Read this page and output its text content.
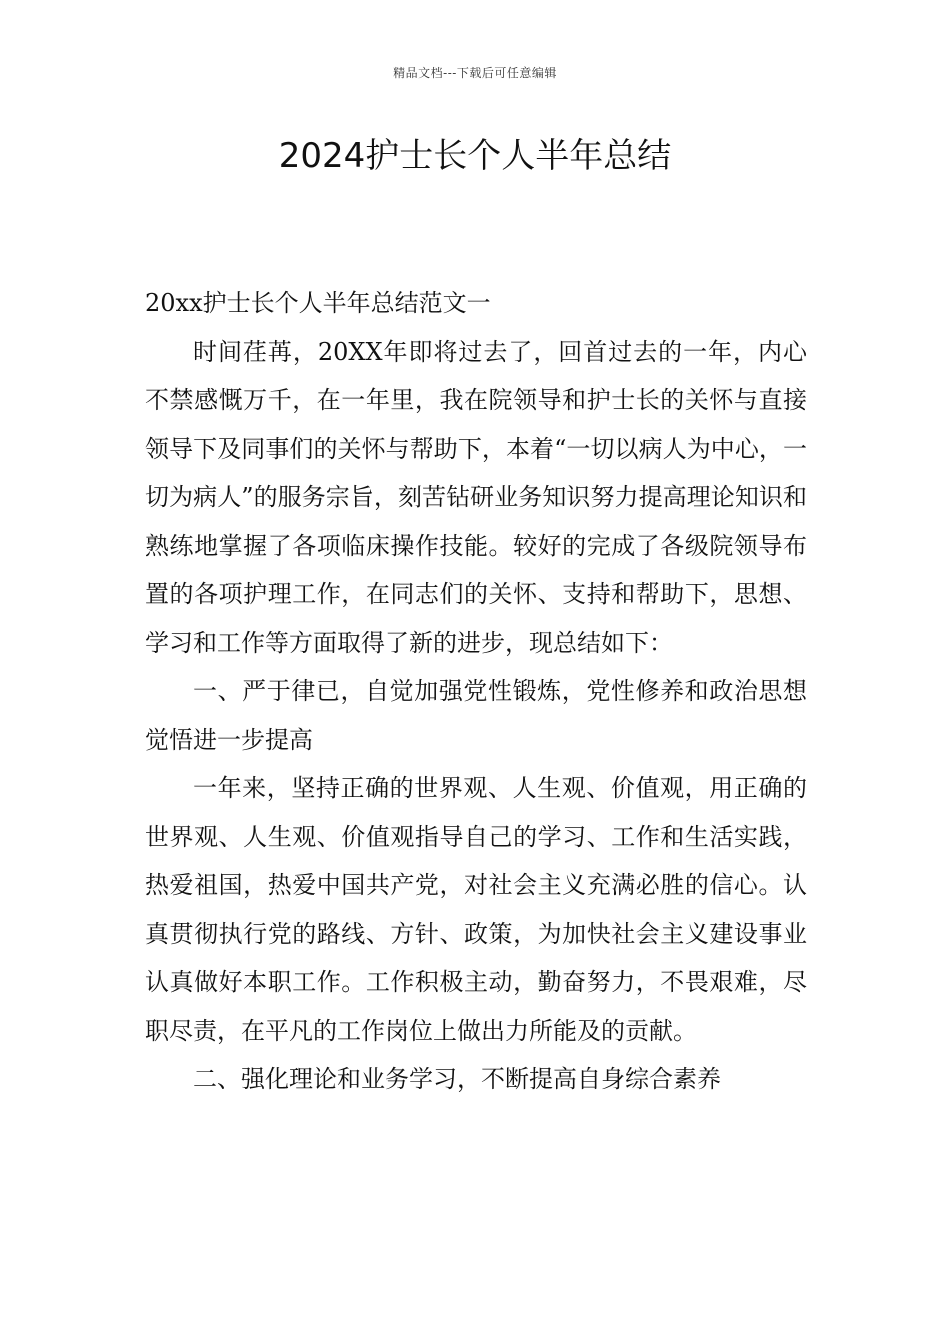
精品文档---下载后可任意编辑
2024护士长个人半年总结

20xx护士长个人半年总结范文一

时间荏苒，20XX年即将过去了，回首过去的一年，内心不禁感慨万千，在一年里，我在院领导和护士长的关怀与直接领导下及同事们的关怀与帮助下，本着“一切以病人为中心，一切为病人”的服务宗旨，刻苦钻研业务知识努力提高理论知识和熟练地掌握了各项临床操作技能。较好的完成了各级院领导布置的各项护理工作，在同志们的关怀、支持和帮助下，思想、学习和工作等方面取得了新的进步，现总结如下：

一、严于律已，自觉加强党性锻炼，党性修养和政治思想觉悟进一步提高

一年来，坚持正确的世界观、人生观、价值观，用正确的世界观、人生观、价值观指导自己的学习、工作和生活实践，热爱祖国，热爱中国共产党，对社会主义充满必胜的信心。认真贯彻执行党的路线、方针、政策，为加快社会主义建设事业认真做好本职工作。工作积极主动，勤奋努力，不畏艰难，尽职尽责，在平凡的工作岗位上做出力所能及的贡献。

二、强化理论和业务学习，不断提高自身综合素养
